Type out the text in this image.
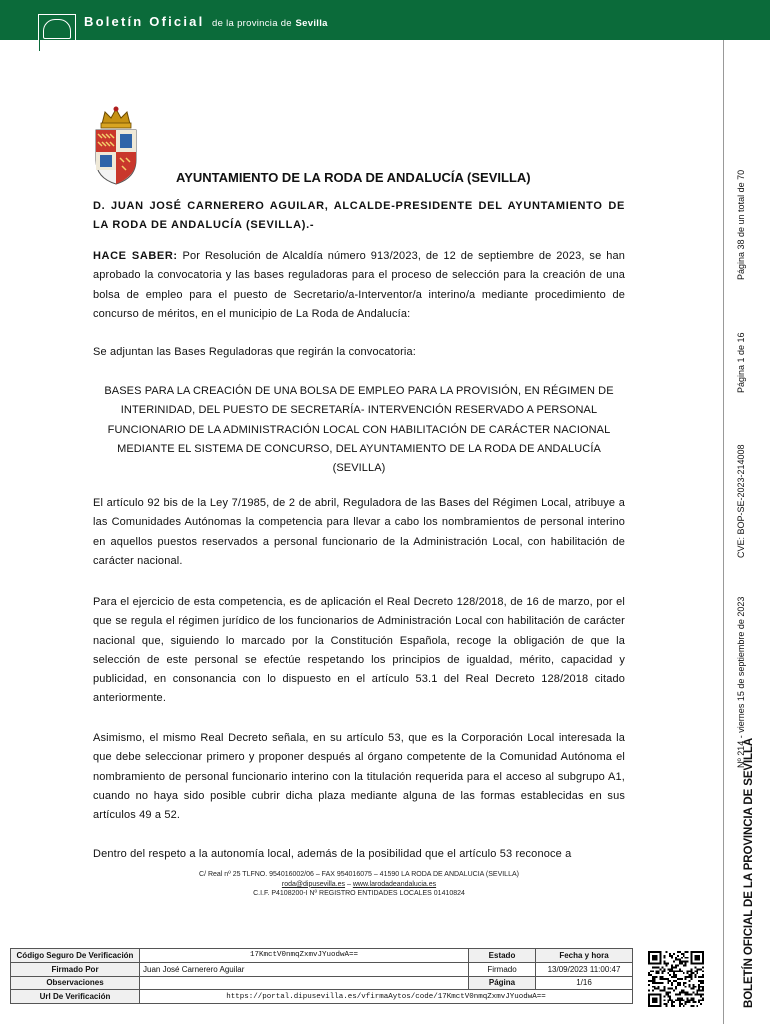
Boletín Oficial de la provincia de Sevilla
Página 38 de un total de 70
Página 1 de 16
CVE: BOP-SE-2023-214008
Nº 214 - viernes 15 de septiembre de 2023
BOLETÍN OFICIAL DE LA PROVINCIA DE SEVILLA
AYUNTAMIENTO DE LA RODA DE ANDALUCÍA (SEVILLA)
D. JUAN JOSÉ CARNERERO AGUILAR, ALCALDE-PRESIDENTE DEL AYUNTAMIENTO DE LA RODA DE ANDALUCÍA (SEVILLA).-
HACE SABER: Por Resolución de Alcaldía número 913/2023, de 12 de septiembre de 2023, se han aprobado la convocatoria y las bases reguladoras para el proceso de selección para la creación de una bolsa de empleo para el puesto de Secretario/a-Interventor/a interino/a mediante procedimiento de concurso de méritos, en el municipio de La Roda de Andalucía:
Se adjuntan las Bases Reguladoras que regirán la convocatoria:
BASES PARA LA CREACIÓN DE UNA BOLSA DE EMPLEO PARA LA PROVISIÓN, EN RÉGIMEN DE INTERINIDAD, DEL PUESTO DE SECRETARÍA- INTERVENCIÓN RESERVADO A PERSONAL FUNCIONARIO DE LA ADMINISTRACIÓN LOCAL CON HABILITACIÓN DE CARÁCTER NACIONAL MEDIANTE EL SISTEMA DE CONCURSO, DEL AYUNTAMIENTO DE LA RODA DE ANDALUCÍA (SEVILLA)
El artículo 92 bis de la Ley 7/1985, de 2 de abril, Reguladora de las Bases del Régimen Local, atribuye a las Comunidades Autónomas la competencia para llevar a cabo los nombramientos de personal interino en aquellos puestos reservados a personal funcionario de la Administración Local, con habilitación de carácter nacional.
Para el ejercicio de esta competencia, es de aplicación el Real Decreto 128/2018, de 16 de marzo, por el que se regula el régimen jurídico de los funcionarios de Administración Local con habilitación de carácter nacional que, siguiendo lo marcado por la Constitución Española, recoge la obligación de que la selección de este personal se efectúe respetando los principios de igualdad, mérito, capacidad y publicidad, en consonancia con lo dispuesto en el artículo 53.1 del Real Decreto 128/2018 citado anteriormente.
Asimismo, el mismo Real Decreto señala, en su artículo 53, que es la Corporación Local interesada la que debe seleccionar primero y proponer después al órgano competente de la Comunidad Autónoma el nombramiento de personal funcionario interino con la titulación requerida para el acceso al subgrupo A1, cuando no haya sido posible cubrir dicha plaza mediante alguna de las formas establecidas en sus artículos 49 a 52.
Dentro del respeto a la autonomía local, además de la posibilidad que el artículo 53 reconoce a
C/ Real nº 25 TLFNO. 954016002/06 – FAX 954016075 – 41590 LA RODA DE ANDALUCIA (SEVILLA)
roda@dipusevilla.es – www.larodadeandalucia.es
C.I.F. P4108200-I Nº REGISTRO ENTIDADES LOCALES 01410824
Código Seguro De Verificación	17KmctV0nmqZxmvJYuodwA==	Estado	Fecha y hora
Firmado Por	Juan José Carnerero Aguilar	Firmado	13/09/2023 11:00:47
Observaciones		Página	1/16
Url De Verificación	https://portal.dipusevilla.es/vfirmaAytos/code/17KmctV0nmqZxmvJYuodwA==		
